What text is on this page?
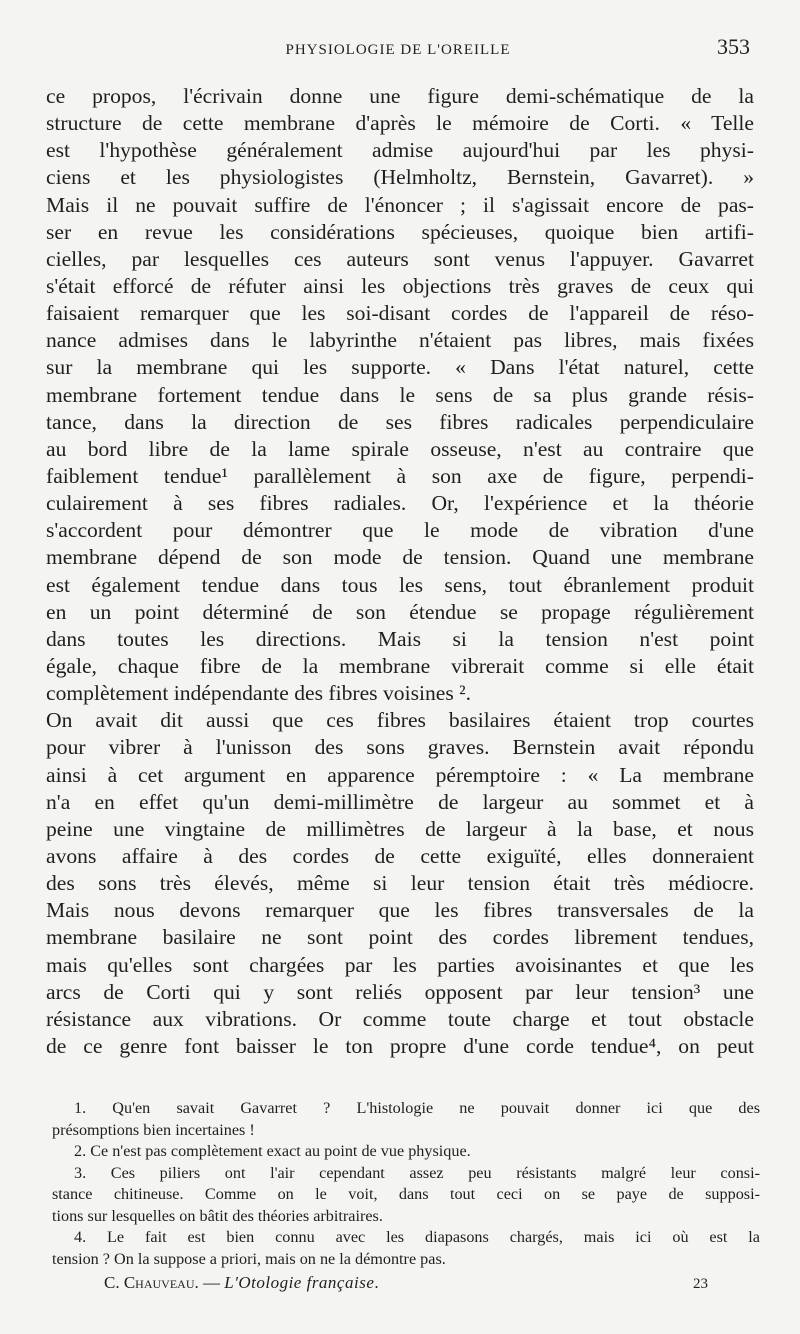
PHYSIOLOGIE DE L'OREILLE	353
ce propos, l'écrivain donne une figure demi-schématique de la
structure de cette membrane d'après le mémoire de Corti. « Telle
est l'hypothèse généralement admise aujourd'hui par les physi-
ciens et les physiologistes (Helmholtz, Bernstein, Gavarret). »
Mais il ne pouvait suffire de l'énoncer ; il s'agissait encore de pas-
ser en revue les considérations spécieuses, quoique bien artifi-
cielles, par lesquelles ces auteurs sont venus l'appuyer. Gavarret
s'était efforcé de réfuter ainsi les objections très graves de ceux qui
faisaient remarquer que les soi-disant cordes de l'appareil de réso-
nance admises dans le labyrinthe n'étaient pas libres, mais fixées
sur la membrane qui les supporte. « Dans l'état naturel, cette
membrane fortement tendue dans le sens de sa plus grande résis-
tance, dans la direction de ses fibres radicales perpendiculaire
au bord libre de la lame spirale osseuse, n'est au contraire que
faiblement tendue¹ parallèlement à son axe de figure, perpendi-
culairement à ses fibres radiales. Or, l'expérience et la théorie
s'accordent pour démontrer que le mode de vibration d'une
membrane dépend de son mode de tension. Quand une membrane
est également tendue dans tous les sens, tout ébranlement produit
en un point déterminé de son étendue se propage régulièrement
dans toutes les directions. Mais si la tension n'est point
égale, chaque fibre de la membrane vibrerait comme si elle était
complètement indépendante des fibres voisines ².
On avait dit aussi que ces fibres basilaires étaient trop courtes
pour vibrer à l'unisson des sons graves. Bernstein avait répondu
ainsi à cet argument en apparence péremptoire : « La membrane
n'a en effet qu'un demi-millimètre de largeur au sommet et à
peine une vingtaine de millimètres de largeur à la base, et nous
avons affaire à des cordes de cette exiguïté, elles donneraient
des sons très élevés, même si leur tension était très médiocre.
Mais nous devons remarquer que les fibres transversales de la
membrane basilaire ne sont point des cordes librement tendues,
mais qu'elles sont chargées par les parties avoisinantes et que les
arcs de Corti qui y sont reliés opposent par leur tension³ une
résistance aux vibrations. Or comme toute charge et tout obstacle
de ce genre font baisser le ton propre d'une corde tendue⁴, on peut
1. Qu'en savait Gavarret ? L'histologie ne pouvait donner ici que des
présomptions bien incertaines !
2. Ce n'est pas complètement exact au point de vue physique.
3. Ces piliers ont l'air cependant assez peu résistants malgré leur consi-
stance chitineuse. Comme on le voit, dans tout ceci on se paye de supposi-
tions sur lesquelles on bâtit des théories arbitraires.
4. Le fait est bien connu avec les diapasons chargés, mais ici où est la
tension ? On la suppose a priori, mais on ne la démontre pas.
C. Chauveau. — L'Otologie française.	23
